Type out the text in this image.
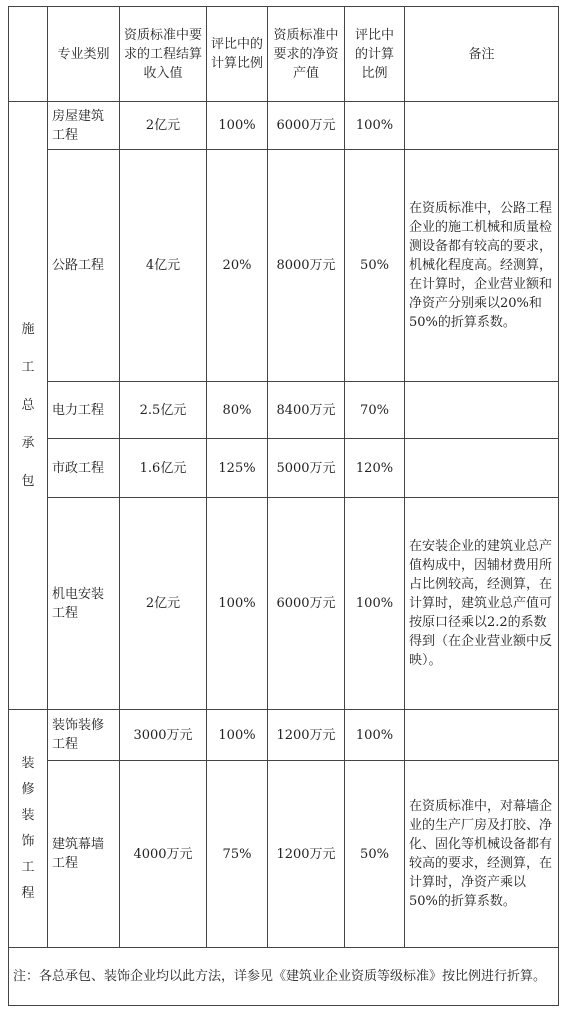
	专业类别	资质标准中要求的工程结算收入值	评比中的计算比例	资质标准中要求的净资产值	评比中的计算比例	备注

施工总承包	房屋建筑工程	2亿元	100%	6000万元	100%	
	公路工程	4亿元	20%	8000万元	50%	在资质标准中，公路工程企业的施工机械和质量检测设备都有较高的要求，机械化程度高。经测算，在计算时，企业营业额和净资产分别乘以20%和50%的折算系数。
	电力工程	2.5亿元	80%	8400万元	70%	
	市政工程	1.6亿元	125%	5000万元	120%	
	机电安装工程	2亿元	100%	6000万元	100%	在安装企业的建筑业总产值构成中，因辅材费用所占比例较高，经测算，在计算时，建筑业总产值可按原口径乘以2.2的系数得到（在企业营业额中反映）。

装修装饰工程	装饰装修工程	3000万元	100%	1200万元	100%	
	建筑幕墙工程	4000万元	75%	1200万元	50%	在资质标准中，对幕墙企业的生产厂房及打胶、净化、固化等机械设备都有较高的要求，经测算，在计算时，净资产乘以50%的折算系数。
注：各总承包、装饰企业均以此方法，详参见《建筑业企业资质等级标准》按比例进行折算。						
